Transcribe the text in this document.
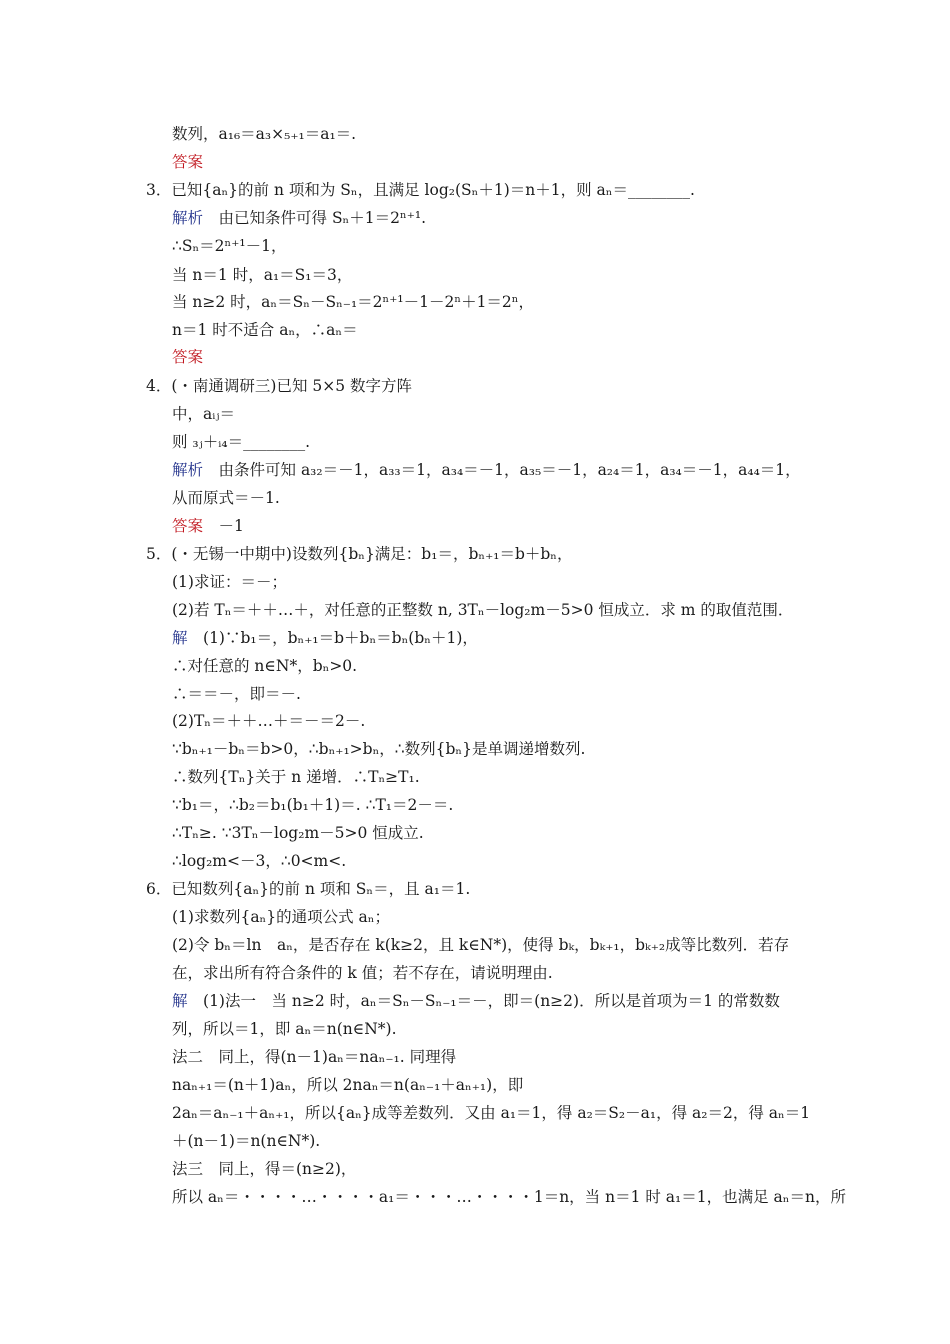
数列，a₁₆＝a₃×₅₊₁＝a₁＝.
答案
3．已知{aₙ}的前 n 项和为 Sₙ，且满足 log₂(Sₙ＋1)＝n＋1，则 aₙ＝________.
解析　由已知条件可得 Sₙ＋1＝2ⁿ⁺¹.
∴Sₙ＝2ⁿ⁺¹－1，
当 n＝1 时，a₁＝S₁＝3，
当 n≥2 时，aₙ＝Sₙ－Sₙ₋₁＝2ⁿ⁺¹－1－2ⁿ＋1＝2ⁿ，
n＝1 时不适合 aₙ，∴aₙ＝
答案
4．(・南通调研三)已知 5×5 数字方阵
中，aᵢⱼ＝
则 ₃ⱼ＋ᵢ₄＝________.
解析　由条件可知 a₃₂＝－1，a₃₃＝1，a₃₄＝－1，a₃₅＝－1，a₂₄＝1，a₃₄＝－1，a₄₄＝1，
从而原式＝－1.
答案　－1
5．(・无锡一中期中)设数列{bₙ}满足：b₁＝，bₙ₊₁＝b＋bₙ，
(1)求证：＝－；
(2)若 Tₙ＝＋＋…＋，对任意的正整数 n, 3Tₙ－log₂m－5>0 恒成立．求 m 的取值范围．
解　(1)∵b₁＝，bₙ₊₁＝b＋bₙ＝bₙ(bₙ＋1)，
∴对任意的 n∈N*，bₙ>0.
∴＝＝－，即＝－.
(2)Tₙ＝＋＋…＋＝－＝2－.
∵bₙ₊₁－bₙ＝b>0，∴bₙ₊₁>bₙ，∴数列{bₙ}是单调递增数列.
∴数列{Tₙ}关于 n 递增．∴Tₙ≥T₁.
∵b₁＝，∴b₂＝b₁(b₁＋1)＝. ∴T₁＝2－＝.
∴Tₙ≥. ∵3Tₙ－log₂m－5>0 恒成立.
∴log₂m<－3，∴0<m<.
6．已知数列{aₙ}的前 n 项和 Sₙ＝，且 a₁＝1.
(1)求数列{aₙ}的通项公式 aₙ；
(2)令 bₙ＝ln　aₙ，是否存在 k(k≥2，且 k∈N*)，使得 bₖ，bₖ₊₁，bₖ₊₂成等比数列．若存
在，求出所有符合条件的 k 值；若不存在，请说明理由.
解　(1)法一　当 n≥2 时，aₙ＝Sₙ－Sₙ₋₁＝－，即＝(n≥2)．所以是首项为＝1 的常数数
列，所以＝1，即 aₙ＝n(n∈N*).
法二　同上，得(n－1)aₙ＝naₙ₋₁. 同理得
naₙ₊₁＝(n＋1)aₙ，所以 2naₙ＝n(aₙ₋₁＋aₙ₊₁)，即
2aₙ＝aₙ₋₁＋aₙ₊₁，所以{aₙ}成等差数列．又由 a₁＝1，得 a₂＝S₂－a₁，得 a₂＝2，得 aₙ＝1
＋(n－1)＝n(n∈N*).
法三　同上，得＝(n≥2)，
所以 aₙ＝・・・・…・・・・a₁＝・・・…・・・・1＝n，当 n＝1 时 a₁＝1，也满足 aₙ＝n，所
